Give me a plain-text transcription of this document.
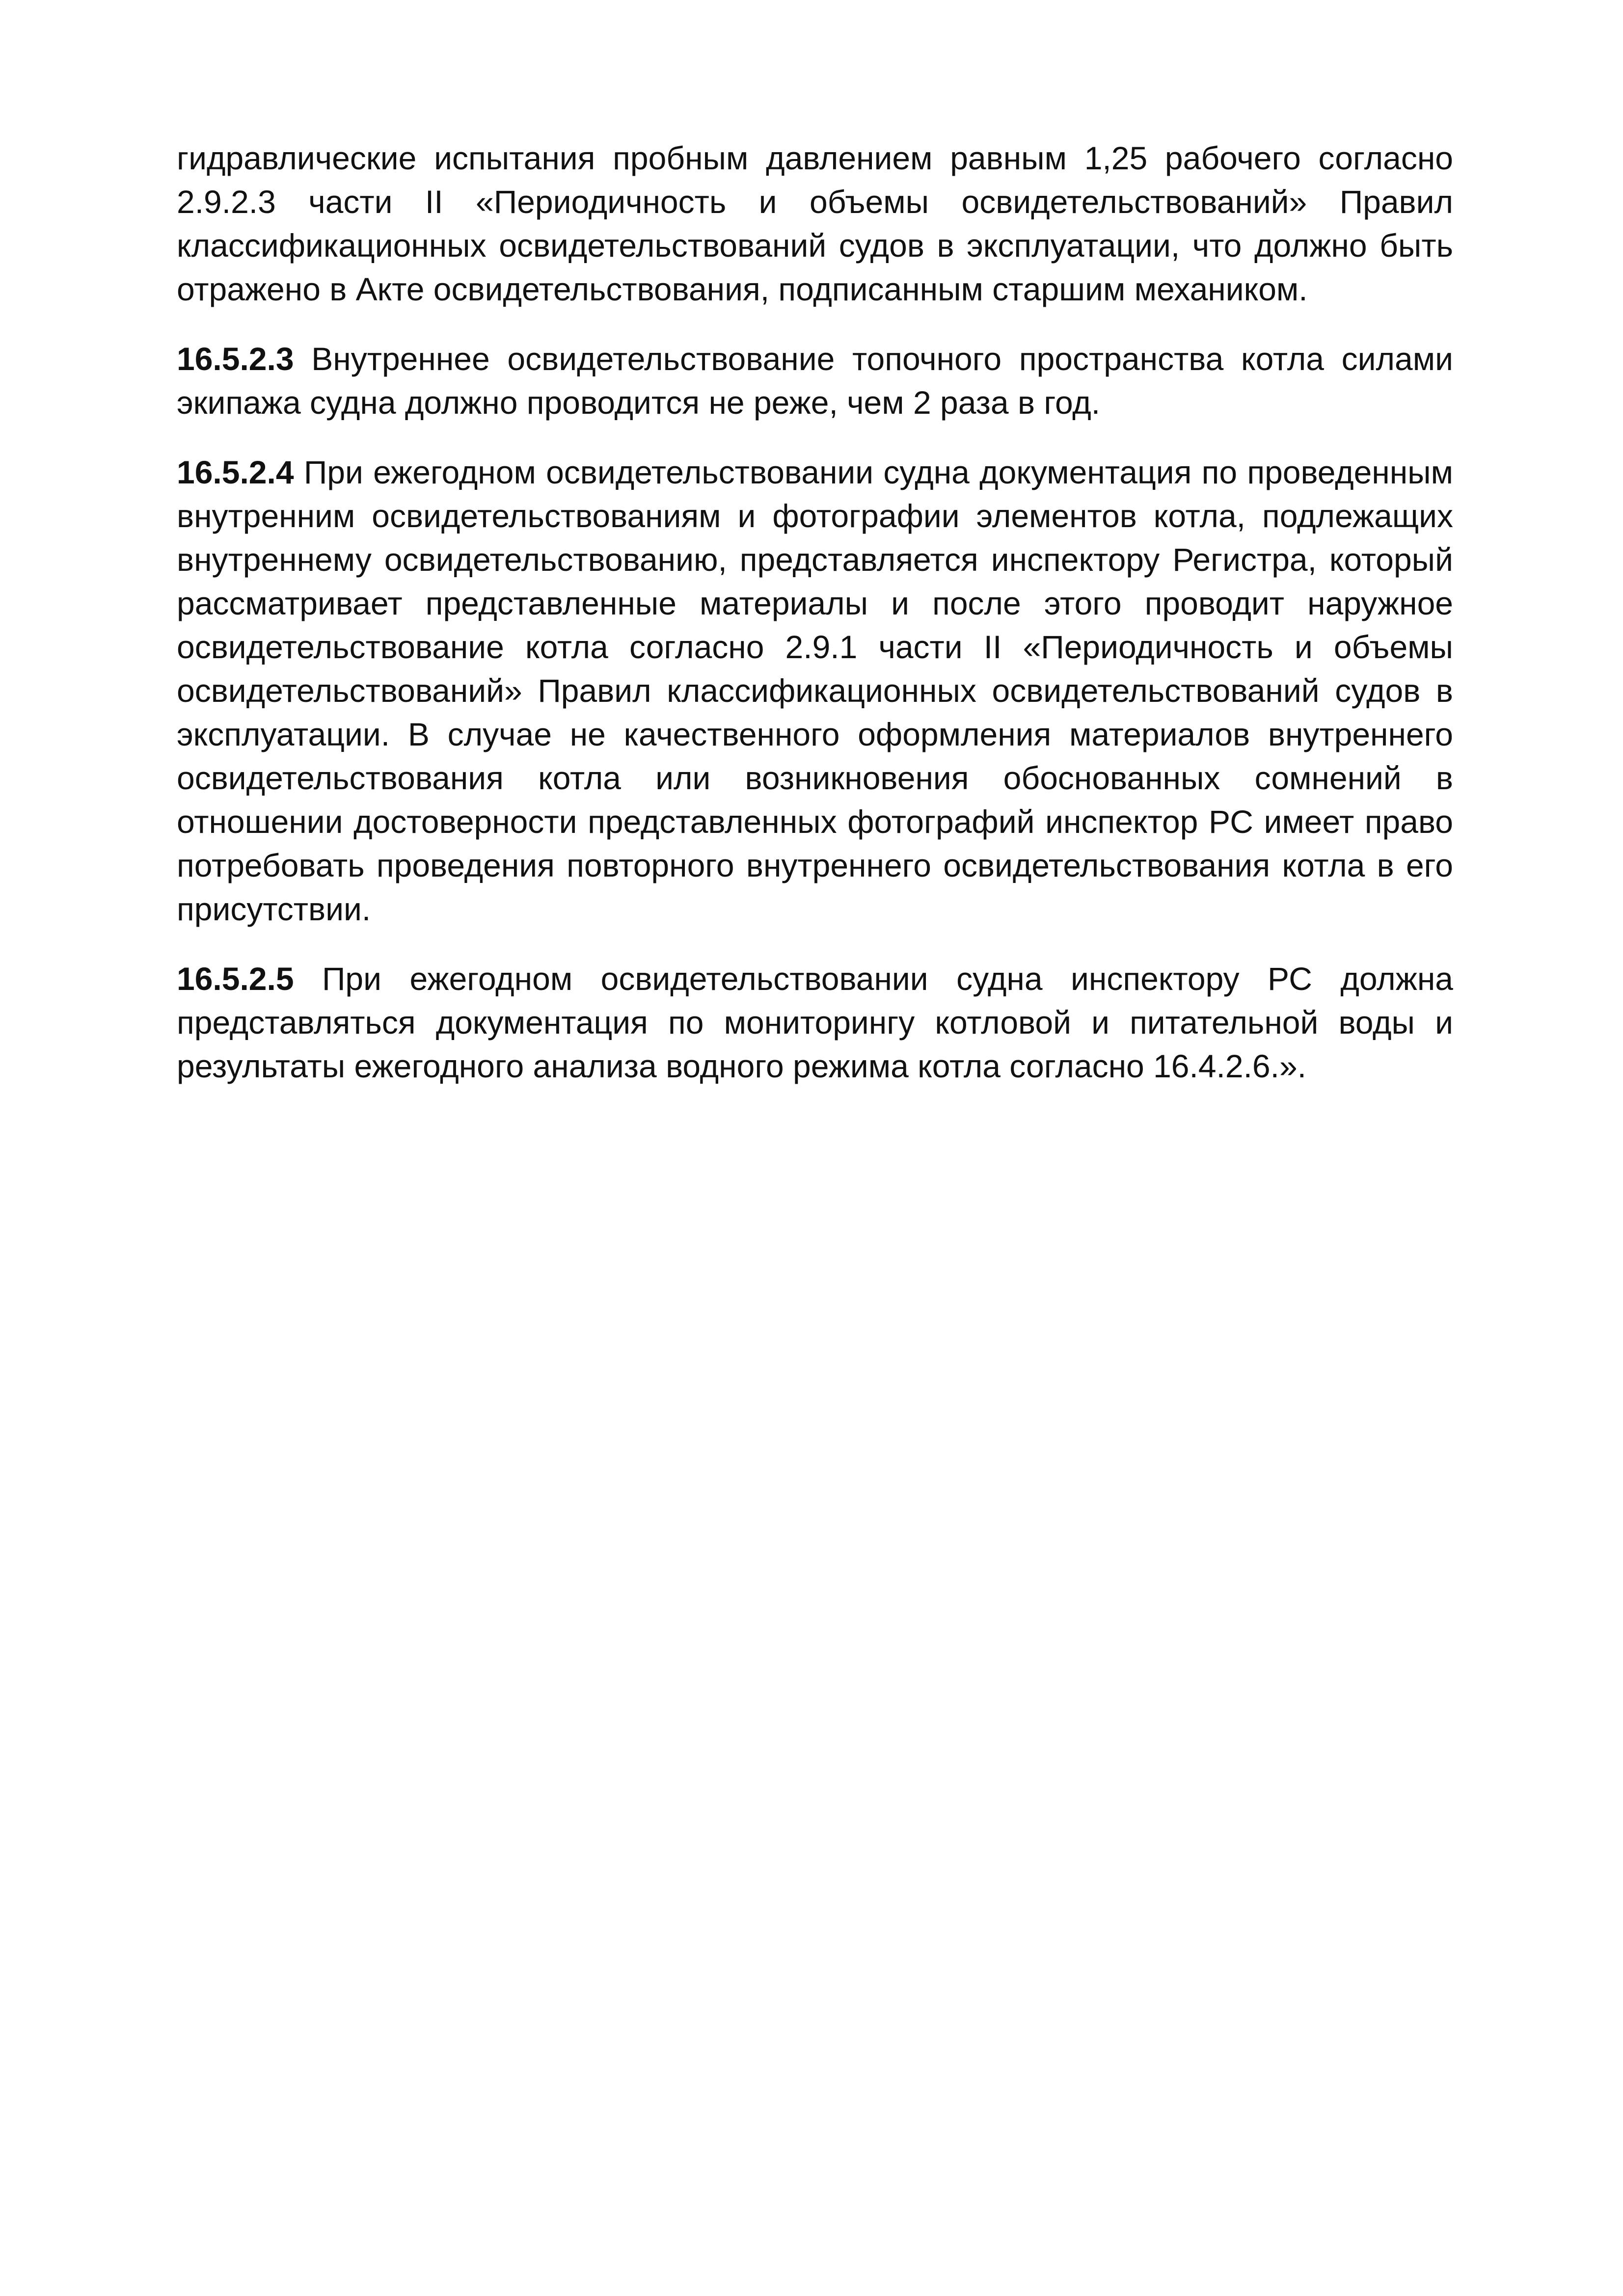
гидравлические испытания пробным давлением равным 1,25 рабочего согласно 2.9.2.3 части II «Периодичность и объемы освидетельствований» Правил классификационных освидетельствований судов в эксплуатации, что должно быть отражено в Акте освидетельствования, подписанным старшим механиком.

16.5.2.3 Внутреннее освидетельствование топочного пространства котла силами экипажа судна должно проводится не реже, чем 2 раза в год.

16.5.2.4 При ежегодном освидетельствовании судна документация по проведенным внутренним освидетельствованиям и фотографии элементов котла, подлежащих внутреннему освидетельствованию, представляется инспектору Регистра, который рассматривает представленные материалы и после этого проводит наружное освидетельствование котла согласно 2.9.1 части II «Периодичность и объемы освидетельствований» Правил классификационных освидетельствований судов в эксплуатации. В случае не качественного оформления материалов внутреннего освидетельствования котла или возникновения обоснованных сомнений в отношении достоверности представленных фотографий инспектор РС имеет право потребовать проведения повторного внутреннего освидетельствования котла в его присутствии.

16.5.2.5 При ежегодном освидетельствовании судна инспектору РС должна представляться документация по мониторингу котловой и питательной воды и результаты ежегодного анализа водного режима котла согласно 16.4.2.6.».
